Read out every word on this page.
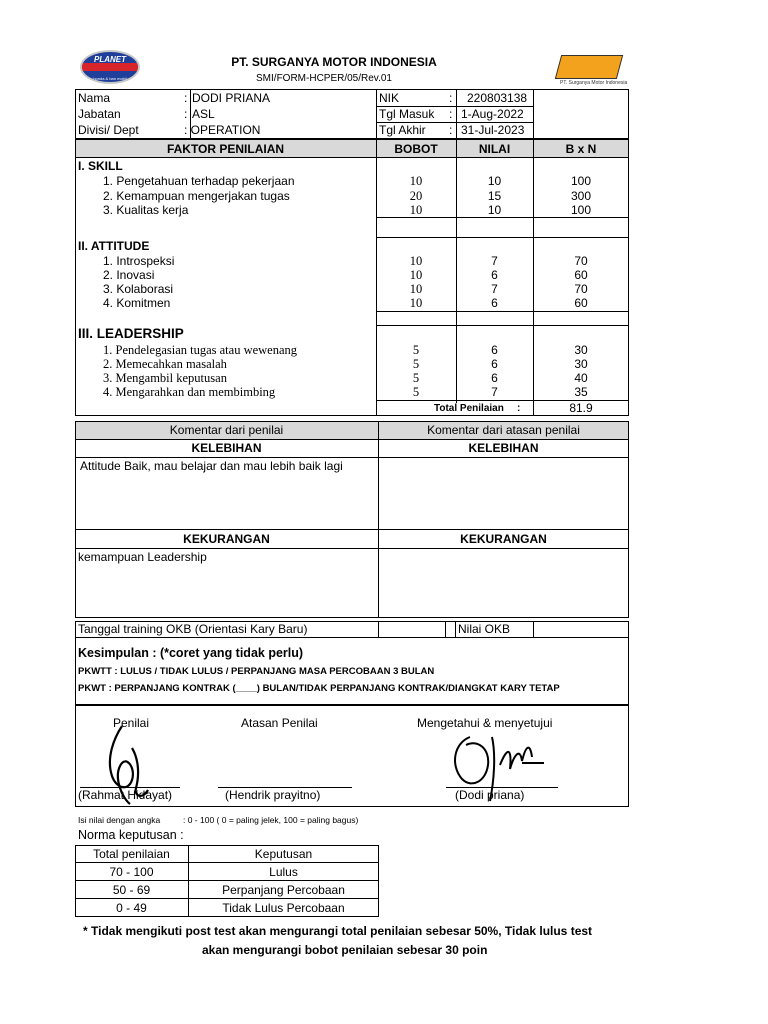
PLANET
honda & ban mobil
PT. SURGANYA MOTOR INDONESIA
SMI/FORM-HCPER/05/Rev.01	PT. Surganya Motor Indonesia
Nama	: DODI PRIANA
Jabatan	: ASL
Divisi/ Dept	: OPERATION
NIK	: 220803138
Tgl Masuk : 1-Aug-2022
Tgl Akhir : 31-Jul-2023
FAKTOR PENILAIAN	BOBOT	NILAI	B x N
I. SKILL
1. Pengetahuan terhadap pekerjaan	10	10	100
2. Kemampuan mengerjakan tugas	20	15	300
3. Kualitas kerja	10	10	100
II. ATTITUDE
1. Introspeksi	10	7	70
2. Inovasi	10	6	60
3. Kolaborasi	10	7	70
4. Komitmen	10	6	60
III. LEADERSHIP
1. Pendelegasian tugas atau wewenang	5	6	30
2. Memecahkan masalah	5	6	30
3. Mengambil keputusan	5	6	40
4. Mengarahkan dan membimbing	5	7	35
Total Penilaian :	81.9
Komentar dari penilai	Komentar dari atasan penilai
KELEBIHAN	KELEBIHAN
Attitude Baik, mau belajar dan mau lebih baik lagi
KEKURANGAN	KEKURANGAN
kemampuan Leadership
Tanggal training OKB (Orientasi Kary Baru)	Nilai OKB
Kesimpulan : (*coret yang tidak perlu)
PKWTT : LULUS / TIDAK LULUS / PERPANJANG MASA PERCOBAAN 3 BULAN
PKWT : PERPANJANG KONTRAK (____) BULAN/TIDAK PERPANJANG KONTRAK/DIANGKAT KARY TETAP
Penilai	Atasan Penilai	Mengetahui & menyetujui
(Rahmat Hidayat)	(Hendrik prayitno)	(Dodi priana)
Isi nilai dengan angka	: 0 - 100 ( 0 = paling jelek, 100 = paling bagus)
Norma keputusan :
Total penilaian	Keputusan
70 - 100	Lulus
50 - 69	Perpanjang Percobaan
0 - 49	Tidak Lulus Percobaan
* Tidak mengikuti post test akan mengurangi total penilaian sebesar 50%, Tidak lulus test
akan mengurangi bobot penilaian sebesar 30 poin
